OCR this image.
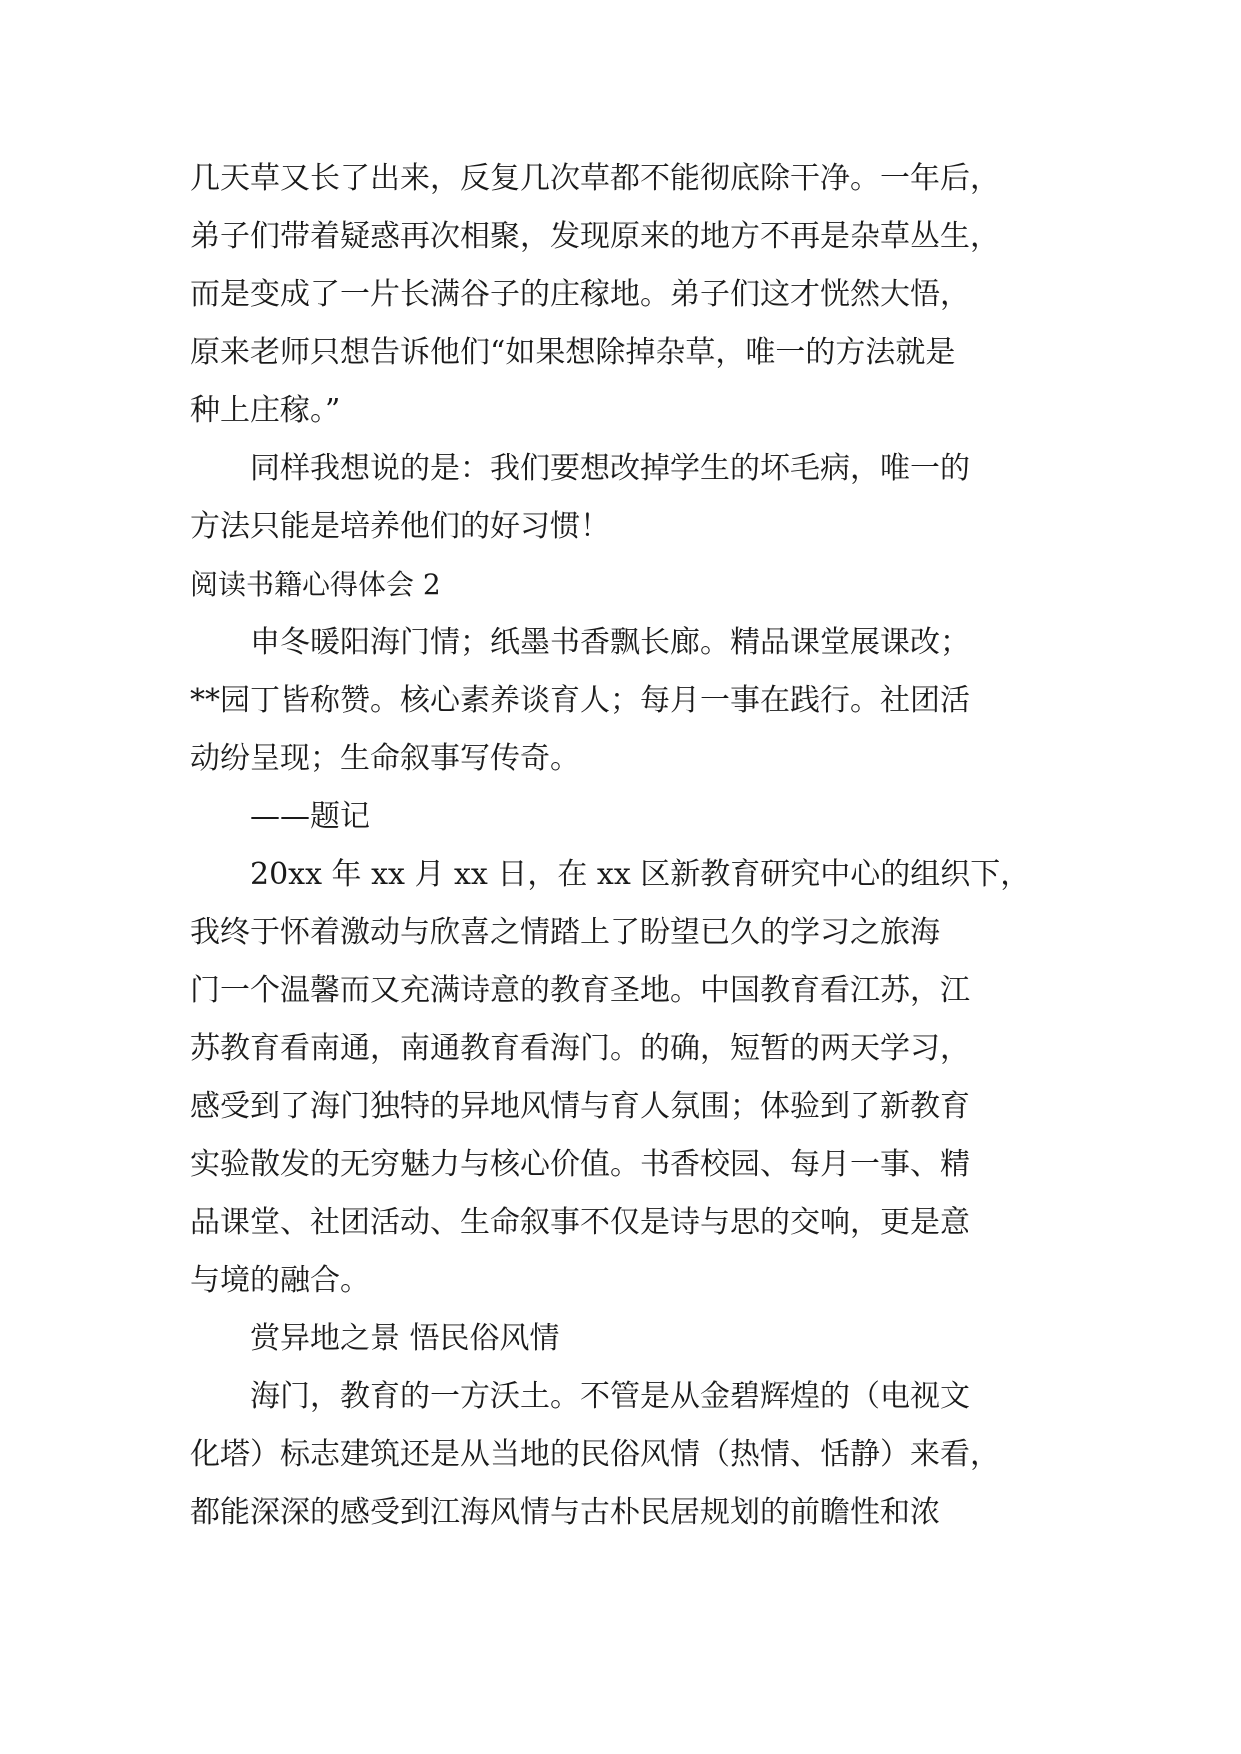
几天草又长了出来，反复几次草都不能彻底除干净。一年后，
弟子们带着疑惑再次相聚，发现原来的地方不再是杂草丛生，
而是变成了一片长满谷子的庄稼地。弟子们这才恍然大悟，
原来老师只想告诉他们“如果想除掉杂草，唯一的方法就是
种上庄稼。”
　　同样我想说的是：我们要想改掉学生的坏毛病，唯一的
方法只能是培养他们的好习惯！
阅读书籍心得体会 2
　　申冬暖阳海门情；纸墨书香飘长廊。精品课堂展课改；
**园丁皆称赞。核心素养谈育人；每月一事在践行。社团活
动纷呈现；生命叙事写传奇。
　　——题记
　　20xx 年 xx 月 xx 日，在 xx 区新教育研究中心的组织下，
我终于怀着激动与欣喜之情踏上了盼望已久的学习之旅海
门一个温馨而又充满诗意的教育圣地。中国教育看江苏，江
苏教育看南通，南通教育看海门。的确，短暂的两天学习，
感受到了海门独特的异地风情与育人氛围；体验到了新教育
实验散发的无穷魅力与核心价值。书香校园、每月一事、精
品课堂、社团活动、生命叙事不仅是诗与思的交响，更是意
与境的融合。
　　赏异地之景 悟民俗风情
　　海门，教育的一方沃土。不管是从金碧辉煌的（电视文
化塔）标志建筑还是从当地的民俗风情（热情、恬静）来看，
都能深深的感受到江海风情与古朴民居规划的前瞻性和浓
